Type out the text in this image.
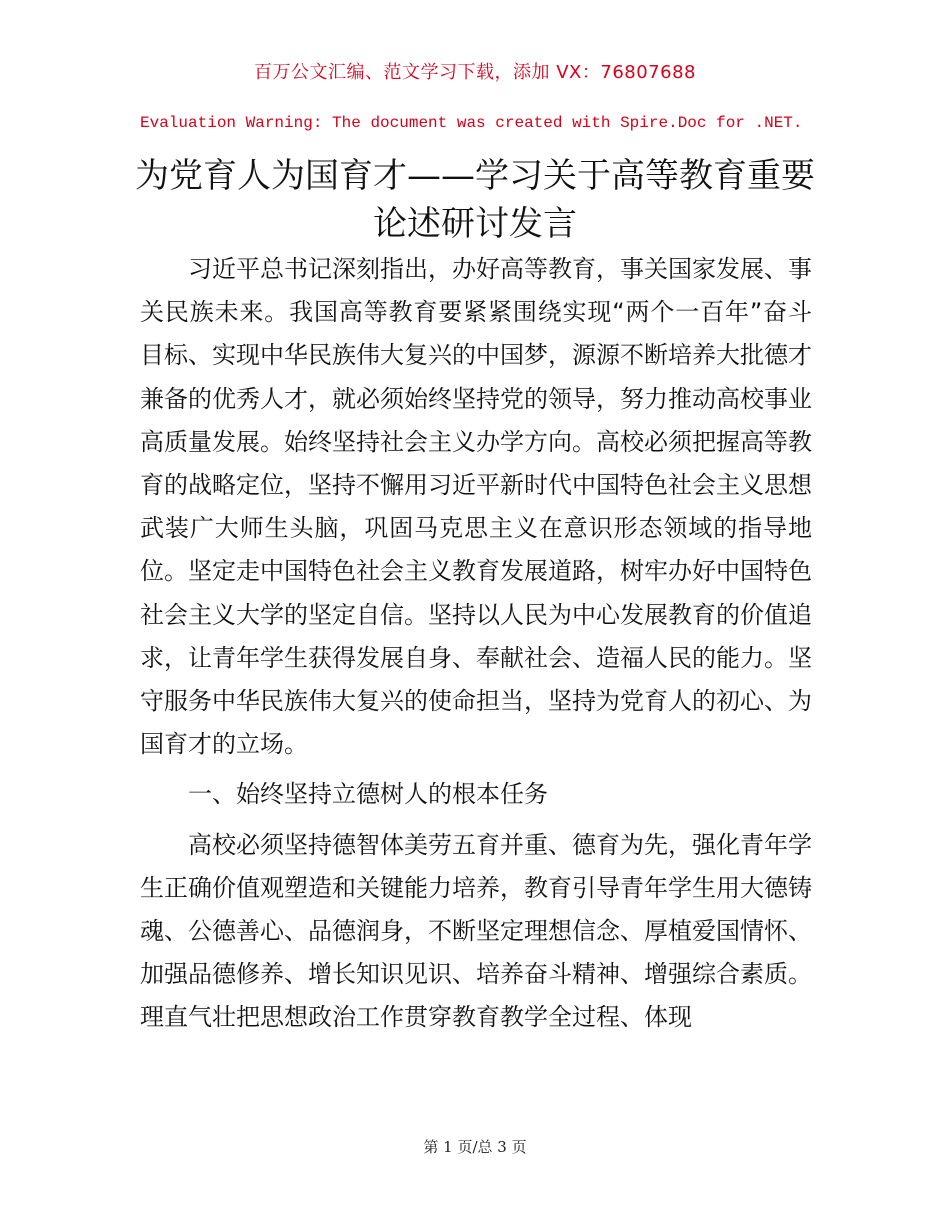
百万公文汇编、范文学习下载，添加 VX：76807688
Evaluation Warning: The document was created with Spire.Doc for .NET.
为党育人为国育才——学习关于高等教育重要论述研讨发言

习近平总书记深刻指出，办好高等教育，事关国家发展、事关民族未来。我国高等教育要紧紧围绕实现“两个一百年”奋斗目标、实现中华民族伟大复兴的中国梦，源源不断培养大批德才兼备的优秀人才，就必须始终坚持党的领导，努力推动高校事业高质量发展。始终坚持社会主义办学方向。高校必须把握高等教育的战略定位，坚持不懈用习近平新时代中国特色社会主义思想武装广大师生头脑，巩固马克思主义在意识形态领域的指导地位。坚定走中国特色社会主义教育发展道路，树牢办好中国特色社会主义大学的坚定自信。坚持以人民为中心发展教育的价值追求，让青年学生获得发展自身、奉献社会、造福人民的能力。坚守服务中华民族伟大复兴的使命担当，坚持为党育人的初心、为国育才的立场。

一、始终坚持立德树人的根本任务

高校必须坚持德智体美劳五育并重、德育为先，强化青年学生正确价值观塑造和关键能力培养，教育引导青年学生用大德铸魂、公德善心、品德润身，不断坚定理想信念、厚植爱国情怀、加强品德修养、增长知识见识、培养奋斗精神、增强综合素质。理直气壮把思想政治工作贯穿教育教学全过程、体现

第 1 页/总 3 页
